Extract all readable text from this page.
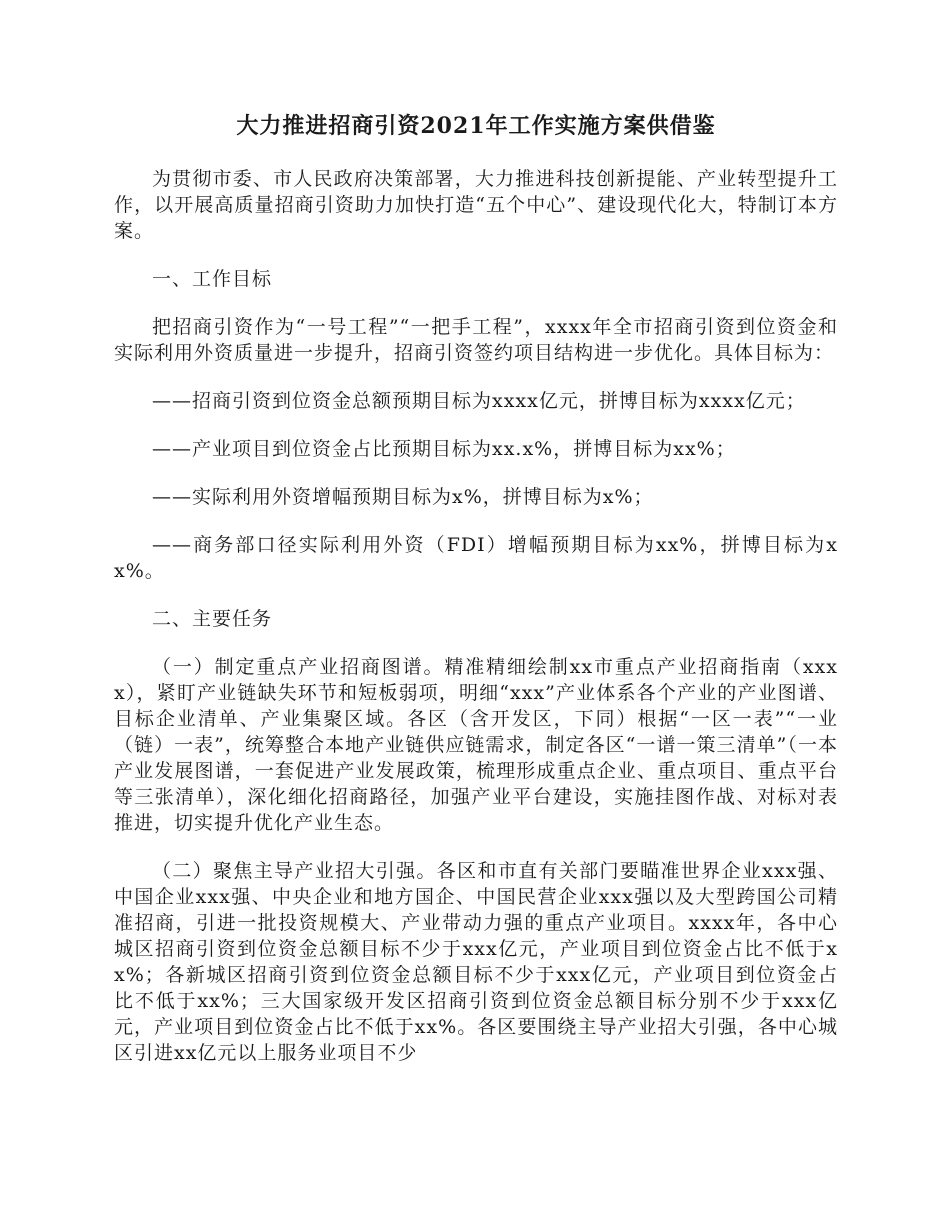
大力推进招商引资2021年工作实施方案供借鉴

为贯彻市委、市人民政府决策部署，大力推进科技创新提能、产业转型提升工作，以开展高质量招商引资助力加快打造“五个中心”、建设现代化大，特制订本方案。

一、工作目标

把招商引资作为“一号工程”“一把手工程”，xxxx年全市招商引资到位资金和实际利用外资质量进一步提升，招商引资签约项目结构进一步优化。具体目标为：

——招商引资到位资金总额预期目标为xxxx亿元，拼博目标为xxxx亿元；

——产业项目到位资金占比预期目标为xx.x%，拼博目标为xx%；

——实际利用外资增幅预期目标为x%，拼博目标为x%；

——商务部口径实际利用外资（FDI）增幅预期目标为xx%，拼博目标为xx%。

二、主要任务

（一）制定重点产业招商图谱。精准精细绘制xx市重点产业招商指南（xxxx），紧盯产业链缺失环节和短板弱项，明细“xxx”产业体系各个产业的产业图谱、目标企业清单、产业集聚区域。各区（含开发区，下同）根据“一区一表”“一业（链）一表”，统筹整合本地产业链供应链需求，制定各区“一谱一策三清单”（一本产业发展图谱，一套促进产业发展政策，梳理形成重点企业、重点项目、重点平台等三张清单），深化细化招商路径，加强产业平台建设，实施挂图作战、对标对表推进，切实提升优化产业生态。

（二）聚焦主导产业招大引强。各区和市直有关部门要瞄准世界企业xxx强、中国企业xxx强、中央企业和地方国企、中国民营企业xxx强以及大型跨国公司精准招商，引进一批投资规模大、产业带动力强的重点产业项目。xxxx年，各中心城区招商引资到位资金总额目标不少于xxx亿元，产业项目到位资金占比不低于xx%；各新城区招商引资到位资金总额目标不少于xxx亿元，产业项目到位资金占比不低于xx%；三大国家级开发区招商引资到位资金总额目标分别不少于xxx亿元，产业项目到位资金占比不低于xx%。各区要围绕主导产业招大引强，各中心城区引进xx亿元以上服务业项目不少
